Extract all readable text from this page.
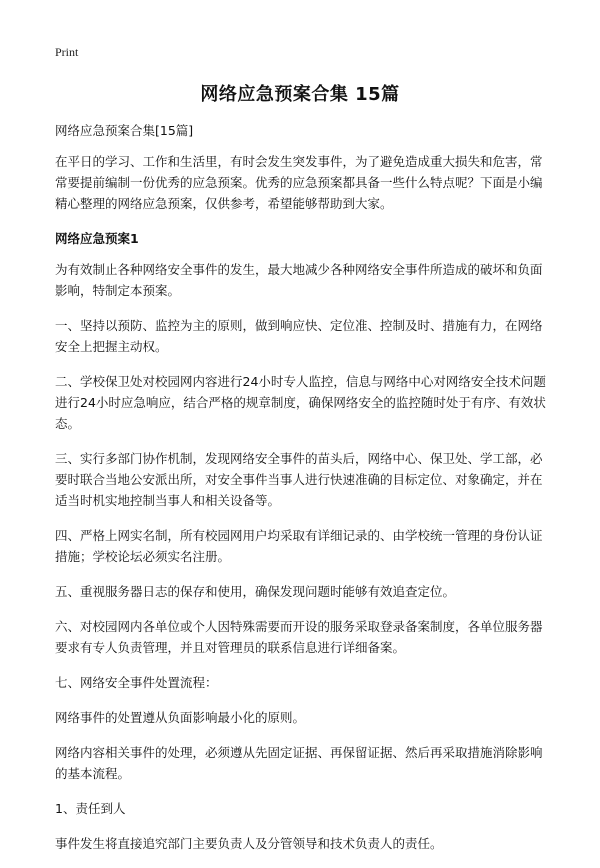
Print
网络应急预案合集 15篇

网络应急预案合集[15篇]

在平日的学习、工作和生活里，有时会发生突发事件，为了避免造成重大损失和危害，常常要提前编制一份优秀的应急预案。优秀的应急预案都具备一些什么特点呢？下面是小编精心整理的网络应急预案，仅供参考，希望能够帮助到大家。

网络应急预案1

为有效制止各种网络安全事件的发生，最大地减少各种网络安全事件所造成的破坏和负面影响，特制定本预案。

一、坚持以预防、监控为主的原则，做到响应快、定位准、控制及时、措施有力，在网络安全上把握主动权。

二、学校保卫处对校园网内容进行24小时专人监控，信息与网络中心对网络安全技术问题进行24小时应急响应，结合严格的规章制度，确保网络安全的监控随时处于有序、有效状态。

三、实行多部门协作机制，发现网络安全事件的苗头后，网络中心、保卫处、学工部，必要时联合当地公安派出所，对安全事件当事人进行快速准确的目标定位、对象确定，并在适当时机实地控制当事人和相关设备等。

四、严格上网实名制，所有校园网用户均采取有详细记录的、由学校统一管理的身份认证措施；学校论坛必须实名注册。

五、重视服务器日志的保存和使用，确保发现问题时能够有效追查定位。

六、对校园网内各单位或个人因特殊需要而开设的服务采取登录备案制度，各单位服务器要求有专人负责管理，并且对管理员的联系信息进行详细备案。

七、网络安全事件处置流程：

网络事件的处置遵从负面影响最小化的原则。

网络内容相关事件的处理，必须遵从先固定证据、再保留证据、然后再采取措施消除影响的基本流程。

1、责任到人

事件发生将直接追究部门主要负责人及分管领导和技术负责人的责任。
